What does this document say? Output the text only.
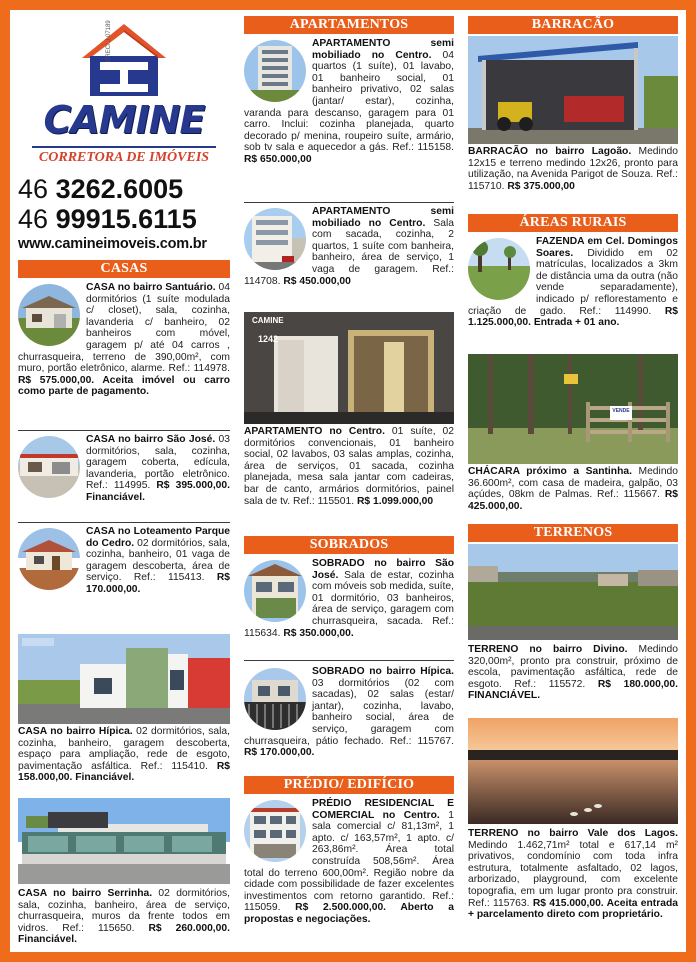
CRECI J 07189
CAMINE
CORRETORA DE IMÓVEIS
46 3262.6005
46 99915.6115
www.camineimoveis.com.br
CASAS
CASA no bairro Santuário. 04 dormitórios (1 suíte modulada c/ closet), sala, cozinha, lavanderia c/ banheiro, 02 banheiros com móvel, garagem p/ até 04 carros , churrasqueira, terreno de 390,00m², com muro, portão eletrônico, alarme. Ref.: 114978. R$ 575.000,00. Aceita imóvel ou carro como parte de pagamento.
CASA no bairro São José. 03 dormitórios, sala, cozinha, garagem coberta, edícula, lavanderia, portão eletrônico. Ref.: 114995. R$ 395.000,00. Financiável.
CASA no Loteamento Parque do Cedro. 02 dormitórios, sala, cozinha, banheiro, 01 vaga de garagem descoberta, área de serviço. Ref.: 115413. R$ 170.000,00.
CASA no bairro Hípica. 02 dormitórios, sala, cozinha, banheiro, garagem descoberta, espaço para ampliação, rede de esgoto, pavimentação asfáltica. Ref.: 115410. R$ 158.000,00. Financiável.
CASA no bairro Serrinha. 02 dormitórios, sala, cozinha, banheiro, área de serviço, churrasqueira, muros da frente todos em vidros. Ref.: 115650. R$ 260.000,00. Financiável.
APARTAMENTOS
APARTAMENTO semi mobiliado no Centro. 04 quartos (1 suíte), 01 lavabo, 01 banheiro social, 01 banheiro privativo, 02 salas (jantar/ estar), cozinha, varanda para descanso, garagem para 01 carro. Inclui: cozinha planejada, quarto decorado p/ menina, roupeiro suíte, armário, sob tv sala e aquecedor a gás. Ref.: 115158. R$ 650.000,00
APARTAMENTO semi mobiliado no Centro. Sala com sacada, cozinha, 2 quartos, 1 suíte com banheira, banheiro, área de serviço, 1 vaga de garagem. Ref.: 114708. R$ 450.000,00
CAMINE
1242
APARTAMENTO no Centro. 01 suíte, 02 dormitórios convencionais, 01 banheiro social, 02 lavabos, 03 salas amplas, cozinha, área de serviços, 01 sacada, cozinha planejada, mesa sala jantar com cadeiras, bar de canto, armários dormitórios, painel sala de tv. Ref.: 115501. R$ 1.099.000,00
SOBRADOS
SOBRADO no bairro São José. Sala de estar, cozinha com móveis sob medida, suíte, 01 dormitório, 03 banheiros, área de serviço, garagem com churrasqueira, sacada. Ref.: 115634. R$ 350.000,00.
SOBRADO no bairro Hípica. 03 dormitórios (02 com sacadas), 02 salas (estar/ jantar), cozinha, lavabo, banheiro social, área de serviço, garagem com churrasqueira, pátio fechado. Ref.: 115767. R$ 170.000,00.
PRÉDIO/ EDIFÍCIO
PRÉDIO RESIDENCIAL E COMERCIAL no Centro. 1 sala comercial c/ 81,13m², 1 apto. c/ 163,57m², 1 apto. c/ 263,86m². Área total construída 508,56m². Área total do terreno 600,00m². Região nobre da cidade com possibilidade de fazer excelentes investimentos com retorno garantido. Ref.: 115059. R$ 2.500.000,00. Aberto a propostas e negociações.
BARRACÃO
BARRACÃO no bairro Lagoão. Medindo 12x15 e terreno medindo 12x26, pronto para utilização, na Avenida Parigot de Souza. Ref.: 115710. R$ 375.000,00
ÁREAS RURAIS
FAZENDA em Cel. Domingos Soares. Dividido em 02 matrículas, localizados a 3km de distância uma da outra (não vende separadamente), indicado p/ reflorestamento e criação de gado. Ref.: 114990. R$ 1.125.000,00. Entrada + 01 ano.
VENDE
CHÁCARA próximo a Santinha. Medindo 36.600m², com casa de madeira, galpão, 03 açúdes, 08km de Palmas. Ref.: 115667. R$ 425.000,00.
TERRENOS
TERRENO no bairro Divino. Medindo 320,00m², pronto pra construir, próximo de escola, pavimentação asfáltica, rede de esgoto. Ref.: 115572. R$ 180.000,00. FINANCIÁVEL.
TERRENO no bairro Vale dos Lagos. Medindo 1.462,71m² total e 617,14 m² privativos, condomínio com toda infra estrutura, totalmente asfaltado, 02 lagos, arborizado, playground, com excelente topografia, em um lugar pronto pra construir. Ref.: 115763. R$ 415.000,00. Aceita entrada + parcelamento direto com proprietário.
